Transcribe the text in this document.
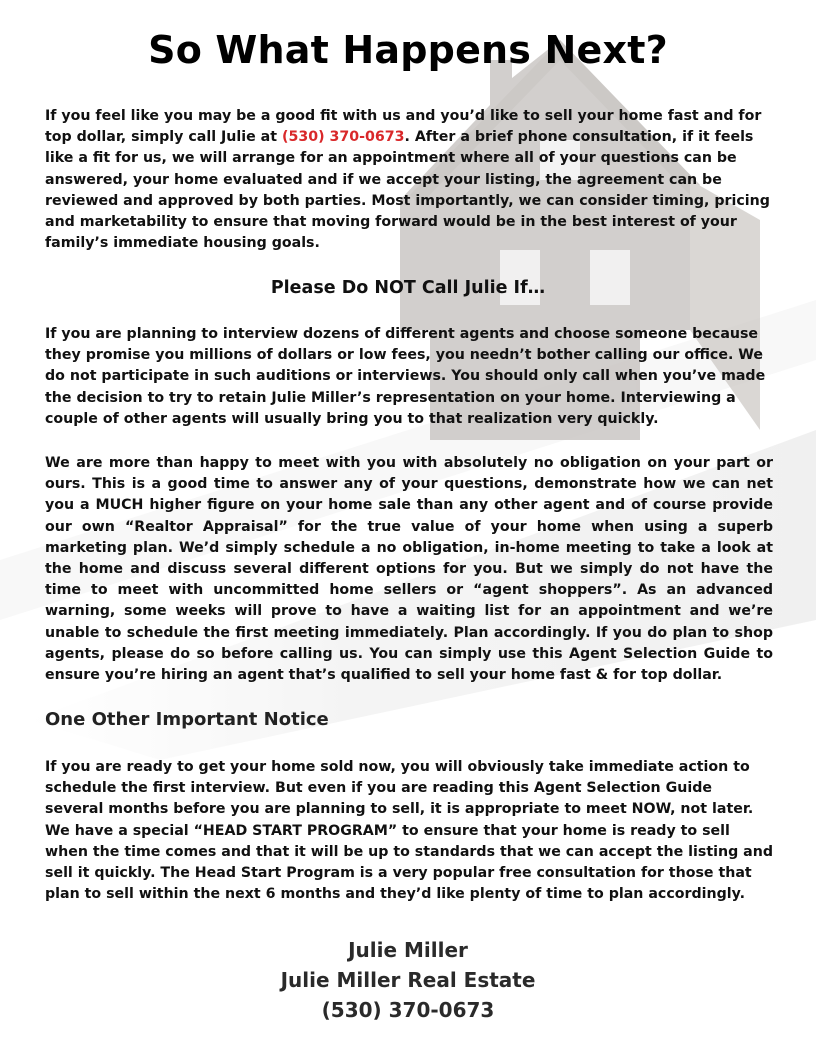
So What Happens Next?

If you feel like you may be a good fit with us and you’d like to sell your home fast and for top dollar, simply call Julie at (530) 370-0673. After a brief phone consultation, if it feels like a fit for us, we will arrange for an appointment where all of your questions can be answered, your home evaluated and if we accept your listing, the agreement can be reviewed and approved by both parties. Most importantly, we can consider timing, pricing and marketability to ensure that moving forward would be in the best interest of your family’s immediate housing goals.

Please Do NOT Call Julie If…

If you are planning to interview dozens of different agents and choose someone because they promise you millions of dollars or low fees, you needn’t bother calling our office. We do not participate in such auditions or interviews. You should only call when you’ve made the decision to try to retain Julie Miller’s representation on your home. Interviewing a couple of other agents will usually bring you to that realization very quickly.

We are more than happy to meet with you with absolutely no obligation on your part or ours. This is a good time to answer any of your questions, demonstrate how we can net you a MUCH higher figure on your home sale than any other agent and of course provide our own “Realtor Appraisal” for the true value of your home when using a superb marketing plan. We’d simply schedule a no obligation, in-home meeting to take a look at the home and discuss several different options for you. But we simply do not have the time to meet with uncommitted home sellers or “agent shoppers”. As an advanced warning, some weeks will prove to have a waiting list for an appointment and we’re unable to schedule the first meeting immediately. Plan accordingly. If you do plan to shop agents, please do so before calling us. You can simply use this Agent Selection Guide to ensure you’re hiring an agent that’s qualified to sell your home fast & for top dollar.

One Other Important Notice

If you are ready to get your home sold now, you will obviously take immediate action to schedule the first interview. But even if you are reading this Agent Selection Guide several months before you are planning to sell, it is appropriate to meet NOW, not later. We have a special “HEAD START PROGRAM” to ensure that your home is ready to sell when the time comes and that it will be up to standards that we can accept the listing and sell it quickly. The Head Start Program is a very popular free consultation for those that plan to sell within the next 6 months and they’d like plenty of time to plan accordingly.

Julie Miller
Julie Miller Real Estate
(530) 370-0673
